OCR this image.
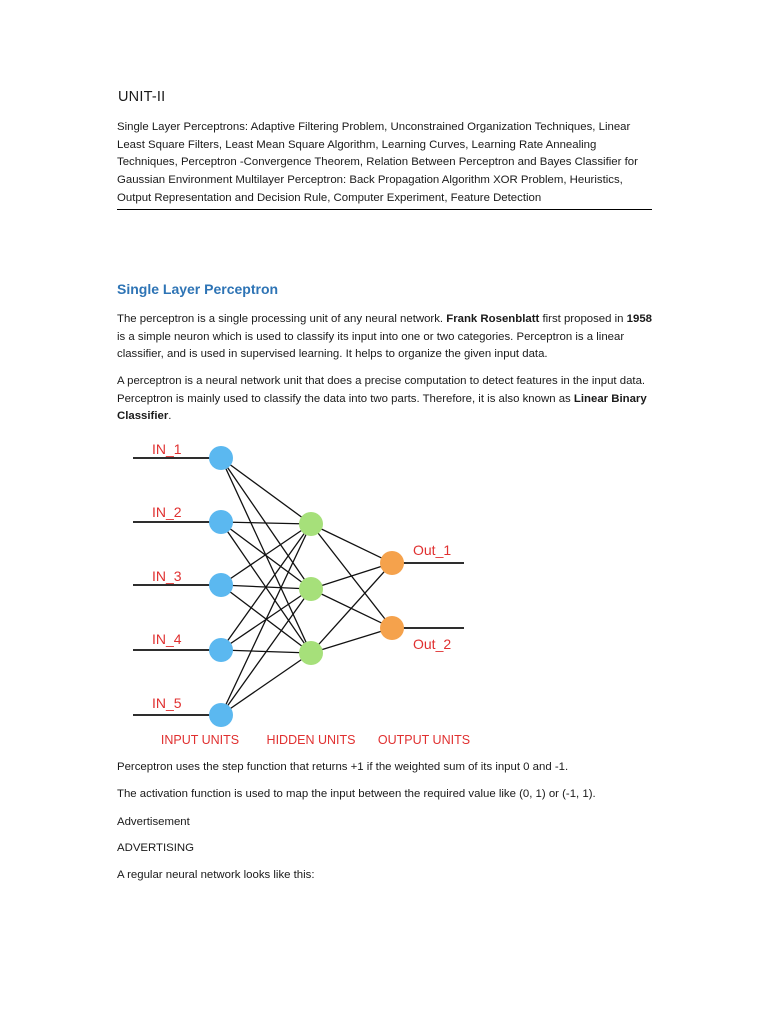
UNIT-II

Single Layer Perceptrons: Adaptive Filtering Problem, Unconstrained Organization Techniques, Linear Least Square Filters, Least Mean Square Algorithm, Learning Curves, Learning Rate Annealing Techniques, Perceptron -Convergence Theorem, Relation Between Perceptron and Bayes Classifier for Gaussian Environment Multilayer Perceptron: Back Propagation Algorithm XOR Problem, Heuristics, Output Representation and Decision Rule, Computer Experiment, Feature Detection

Single Layer Perceptron

The perceptron is a single processing unit of any neural network. Frank Rosenblatt first proposed in 1958 is a simple neuron which is used to classify its input into one or two categories. Perceptron is a linear classifier, and is used in supervised learning. It helps to organize the given input data.

A perceptron is a neural network unit that does a precise computation to detect features in the input data. Perceptron is mainly used to classify the data into two parts. Therefore, it is also known as Linear Binary Classifier.

IN_1
IN_2
IN_3
IN_4
IN_5
Out_1
Out_2
INPUT UNITS HIDDEN UNITS OUTPUT UNITS

Perceptron uses the step function that returns +1 if the weighted sum of its input 0 and -1.

The activation function is used to map the input between the required value like (0, 1) or (-1, 1).

Advertisement

ADVERTISING

A regular neural network looks like this:
